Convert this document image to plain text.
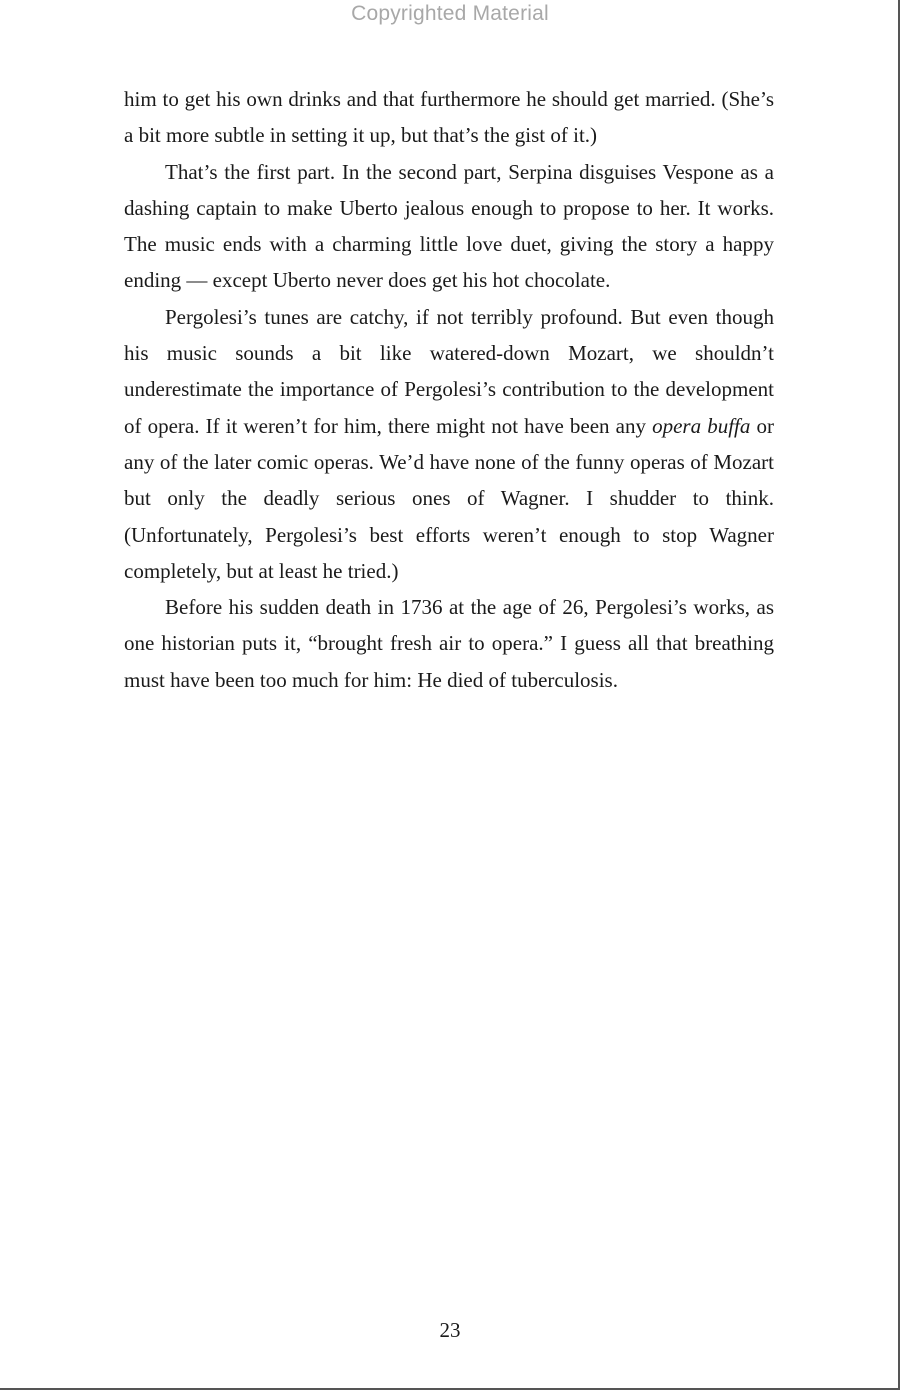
Copyrighted Material

him to get his own drinks and that furthermore he should get married. (She’s a bit more subtle in setting it up, but that’s the gist of it.)

That’s the first part. In the second part, Serpina disguises Vespone as a dashing captain to make Uberto jealous enough to propose to her. It works. The music ends with a charming little love duet, giving the story a happy ending — except Uberto never does get his hot chocolate.

Pergolesi’s tunes are catchy, if not terribly profound. But even though his music sounds a bit like watered-down Mozart, we shouldn’t underestimate the importance of Pergolesi’s contribution to the development of opera. If it weren’t for him, there might not have been any opera buffa or any of the later comic operas. We’d have none of the funny operas of Mozart but only the deadly serious ones of Wagner. I shudder to think. (Unfortunately, Pergolesi’s best efforts weren’t enough to stop Wagner completely, but at least he tried.)

Before his sudden death in 1736 at the age of 26, Pergolesi’s works, as one historian puts it, “brought fresh air to opera.” I guess all that breathing must have been too much for him: He died of tuberculosis.

23
